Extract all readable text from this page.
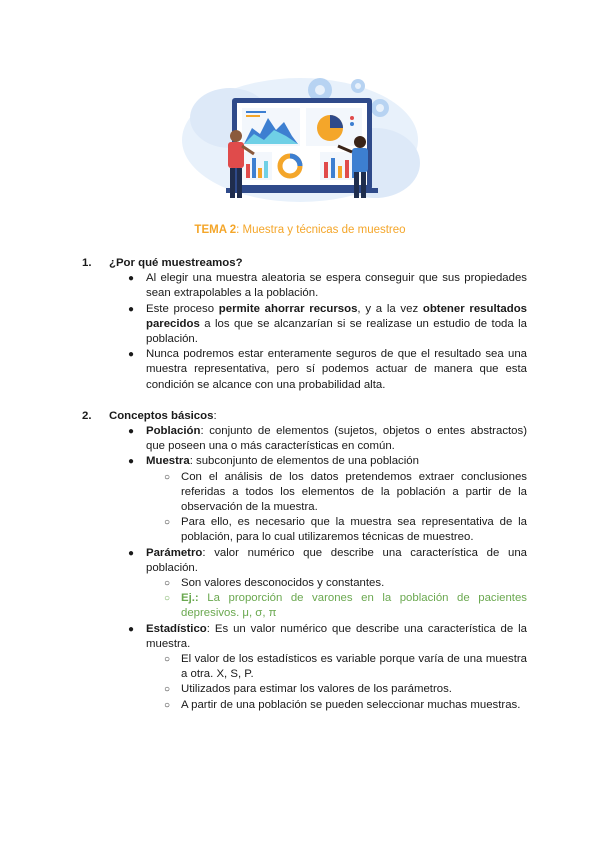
TEMA 2: Muestra y técnicas de muestreo
1. ¿Por qué muestreamos?
● Al elegir una muestra aleatoria se espera conseguir que sus propiedades sean extrapolables a la población.
● Este proceso permite ahorrar recursos, y a la vez obtener resultados parecidos a los que se alcanzarían si se realizase un estudio de toda la población.
● Nunca podremos estar enteramente seguros de que el resultado sea una muestra representativa, pero sí podemos actuar de manera que esta condición se alcance con una probabilidad alta.
2. Conceptos básicos:
● Población: conjunto de elementos (sujetos, objetos o entes abstractos) que poseen una o más características en común.
● Muestra: subconjunto de elementos de una población
○ Con el análisis de los datos pretendemos extraer conclusiones referidas a todos los elementos de la población a partir de la observación de la muestra.
○ Para ello, es necesario que la muestra sea representativa de la población, para lo cual utilizaremos técnicas de muestreo.
● Parámetro: valor numérico que describe una característica de una población.
○ Son valores desconocidos y constantes.
○ Ej.: La proporción de varones en la población de pacientes depresivos. μ, σ, π
● Estadístico: Es un valor numérico que describe una característica de la muestra.
○ El valor de los estadísticos es variable porque varía de una muestra a otra. X, S, P.
○ Utilizados para estimar los valores de los parámetros.
○ A partir de una población se pueden seleccionar muchas muestras.
